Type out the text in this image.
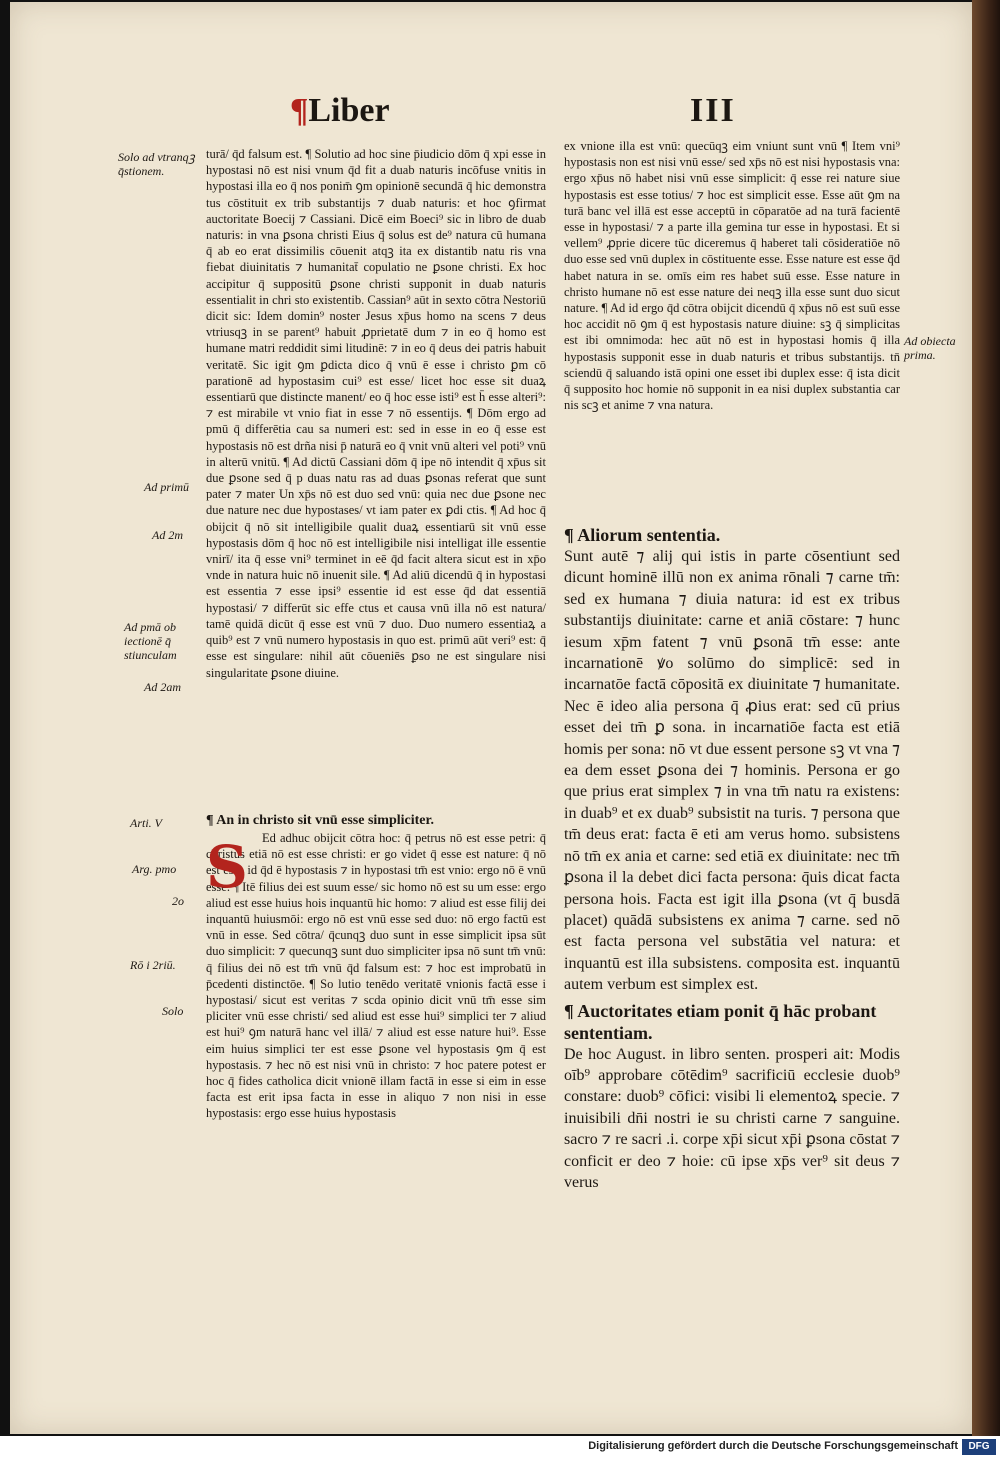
¶Liber	III
Solo ad vtranqꝫ q̄stionem.
Ad primū
Ad 2m
Ad pmā ob iectionē q̄ stiunculam
Ad 2am
Arti. V
Arg. pmo
2o
Rō i 2riū.
Solo
Ad obiecta prima.

turā/ q̄d falsum est. ¶ Solutio ad hoc sine p̄iudicio dōm q̄ xpi esse in hypostasi nō est nisi vnum q̄d fit a duab naturis incōfuse vnitis in hypostasi illa eo q̄ nos ponim̄ ꝯm opinionē secundā q̄ hic demonstra tus cōstituit ex trib substantijs ⁊ duab naturis: et hoc ꝯfirmat auctoritate Boecij ⁊ Cassiani. Dicē eim Boeci⁹ sic in libro de duab naturis: in vna ꝑsona christi Eius q̄ solus est de⁹ natura cū humana q̄ ab eo erat dissimilis cōuenit atqꝫ ita ex distantib natu ris vna fiebat diuinitatis ⁊ humanitat̄ copulatio ne ꝑsone christi. Ex hoc accipitur q̄ suppositū ꝑsone christi supponit in duab naturis essentialit in chri sto existentib. Cassian⁹ aūt in sexto cōtra Nestoriū dicit sic: Idem domin⁹ noster Jesus xp̄us homo na scens ⁊ deus vtriusqꝫ in se parent⁹ habuit ꝓprietatē dum ⁊ in eo q̄ homo est humane matri reddidit simi litudinē: ⁊ in eo q̄ deus dei patris habuit veritatē. Sic igit ꝯm ꝑdicta dico q̄ vnū ē esse i christo ꝑm cō parationē ad hypostasim cui⁹ est esse/ licet hoc esse sit duaꝝ essentiarū que distincte manent/ eo q̄ hoc esse isti⁹ est h̄ esse alteri⁹: ⁊ est mirabile vt vnio fiat in esse ⁊ nō essentijs. ¶ Dōm ergo ad pmū q̄ differētia cau sa numeri est: sed in esse in eo q̄ esse est hypostasis nō est drña nisi p̄ naturā eo q̄ vnit vnū alteri vel poti⁹ vnū in alterū vnitū. ¶ Ad dictū Cassiani dōm q̄ ipe nō intendit q̄ xp̄us sit due ꝑsone sed q̄ p duas natu ras ad duas ꝑsonas referat que sunt pater ⁊ mater Un xp̄s nō est duo sed vnū: quia nec due ꝑsone nec due nature nec due hypostases/ vt iam pater ex ꝑdi ctis. ¶ Ad hoc q̄ obijcit q̄ nō sit intelligibile qualit duaꝝ essentiarū sit vnū esse hypostasis dōm q̄ hoc nō est intelligibile nisi intelligat ille essentie vnirī/ ita q̄ esse vni⁹ terminet in eē q̄d facit altera sicut est in xp̄o vnde in natura huic nō inuenit sile. ¶ Ad aliū dicendū q̄ in hypostasi est essentia ⁊ esse ipsi⁹ essentie id est esse q̄d dat essentiā hypostasi/ ⁊ differūt sic effe ctus et causa vnū illa nō est natura/ tamē quidā dicūt q̄ esse est vnū ⁊ duo. Duo numero essentiaꝝ a quib⁹ est ⁊ vnū numero hypostasis in quo est. primū aūt veri⁹ est: q̄ esse est singulare: nihil aūt cōueniēs ꝑso ne est singulare nisi singularitate ꝑsone diuine.

¶ An in christo sit vnū esse simpliciter.

Ed adhuc obijcit cōtra hoc: q̄ petrus nō est esse petri: q̄ christus etiā nō est esse christi: er go videt q̄ esse est nature: q̄ nō est esse id q̄d ē hypostasis ⁊ in hypostasi tm̄ est vnio: ergo nō ē vnū esse. ¶ Itē filius dei est suum esse/ sic homo nō est su um esse: ergo aliud est esse huius hois inquantū hic homo: ⁊ aliud est esse filij dei inquantū huiusmōi: ergo nō est vnū esse sed duo: nō ergo factū est vnū in esse. Sed cōtra/ q̄cunqꝫ duo sunt in esse simplicit ipsa sūt duo simplicit: ⁊ quecunqꝫ sunt duo simpliciter ipsa nō sunt tm̄ vnū: q̄ filius dei nō est tm̄ vnū q̄d falsum est: ⁊ hoc est improbatū in p̄cedenti distinctōe. ¶ So lutio tenēdo veritatē vnionis factā esse i hypostasi/ sicut est veritas ⁊ scda opinio dicit vnū tm̄ esse sim pliciter vnū esse christi/ sed aliud est esse hui⁹ simplici ter ⁊ aliud est hui⁹ ꝯm naturā hanc vel illā/ ⁊ aliud est esse nature hui⁹. Esse eim huius simplici ter est esse ꝑsone vel hypostasis ꝯm q̄ est hypostasis. ⁊ hec nō est nisi vnū in christo: ⁊ hoc patere potest er hoc q̄ fides catholica dicit vnionē illam factā in esse si eim in esse facta est erit ipsa facta in esse in aliquo ⁊ non nisi in esse hypostasis: ergo esse huius hypostasis

S

ex vnione illa est vnū: quecūqꝫ eim vniunt sunt vnū ¶ Item vni⁹ hypostasis non est nisi vnū esse/ sed xp̄s nō est nisi hypostasis vna: ergo xp̄us nō habet nisi vnū esse simplicit: q̄ esse rei nature siue hypostasis est esse totius/ ⁊ hoc est simplicit esse. Esse aūt ꝯm na turā banc vel illā est esse acceptū in cōparatōe ad na turā facientē esse in hypostasi/ ⁊ a parte illa gemina tur esse in hypostasi. Et si vellem⁹ ꝓprie dicere tūc diceremus q̄ haberet tali cōsideratiōe nō duo esse sed vnū duplex in cōstituente esse. Esse nature est esse q̄d habet natura in se. omīs eim res habet suū esse. Esse nature in christo humane nō est esse nature dei neqꝫ illa esse sunt duo sicut nature. ¶ Ad id ergo q̄d cōtra obijcit dicendū q̄ xp̄us nō est suū esse hoc accidit nō ꝯm q̄ est hypostasis nature diuine: sꝫ q̄ simplicitas est ibi omnimoda: hec aūt nō est in hypostasi homis q̄ illa hypostasis supponit esse in duab naturis et tribus substantijs. tn̄ sciendū q̄ saluando istā opini one esset ibi duplex esse: q̄ ista dicit q̄ supposito hoc homie nō supponit in ea nisi duplex substantia car nis scꝫ et anime ⁊ vna natura.

¶ Aliorum sententia.

Sunt autē ⁊ alij qui istis in parte cōsentiunt sed dicunt hominē illū non ex anima rōnali ⁊ carne tm̄: sed ex humana ⁊ diuia natura: id est ex tribus substantijs diuinitate: carne et aniā cōstare: ⁊ hunc iesum xp̄m fatent ⁊ vnū ꝑsonā tm̄ esse: ante incarnationē ꝟo solūmo do simplicē: sed in incarnatōe factā cōpositā ex diuinitate ⁊ humanitate. Nec ē ideo alia persona q̄ ꝓius erat: sed cū prius esset dei tm̄ ꝑ sona. in incarnatiōe facta est etiā homis per sona: nō vt due essent persone sꝫ vt vna ⁊ ea dem esset ꝑsona dei ⁊ hominis. Persona er go que prius erat simplex ⁊ in vna tm̄ natu ra existens: in duab⁹ et ex duab⁹ subsistit na turis. ⁊ persona que tm̄ deus erat: facta ē eti am verus homo. subsistens nō tm̄ ex ania et carne: sed etiā ex diuinitate: nec tm̄ ꝑsona il la debet dici facta persona: q̄uis dicat facta persona hois. Facta est igit illa ꝑsona (vt q̄ busdā placet) quādā subsistens ex anima ⁊ carne. sed nō est facta persona vel substātia vel natura: et inquantū est illa subsistens. composita est. inquantū autem verbum est simplex est.

¶ Auctoritates etiam ponit q̄ hāc probant sententiam.

De hoc August. in libro senten. prosperi ait: Modis oīb⁹ approbare cōtēdim⁹ sacrificiū ecclesie duob⁹ constare: duob⁹ cōfici: visibi li elementoꝝ specie. ⁊ inuisibili dn̄i nostri ie su christi carne ⁊ sanguine. sacro ⁊ re sacri .i. corpe xp̄i sicut xp̄i ꝑsona cōstat ⁊ conficit er deo ⁊ hoie: cū ipse xp̄s ver⁹ sit deus ⁊ verus

Digitalisierung gefördert durch die Deutsche Forschungsgemeinschaft	DFG
